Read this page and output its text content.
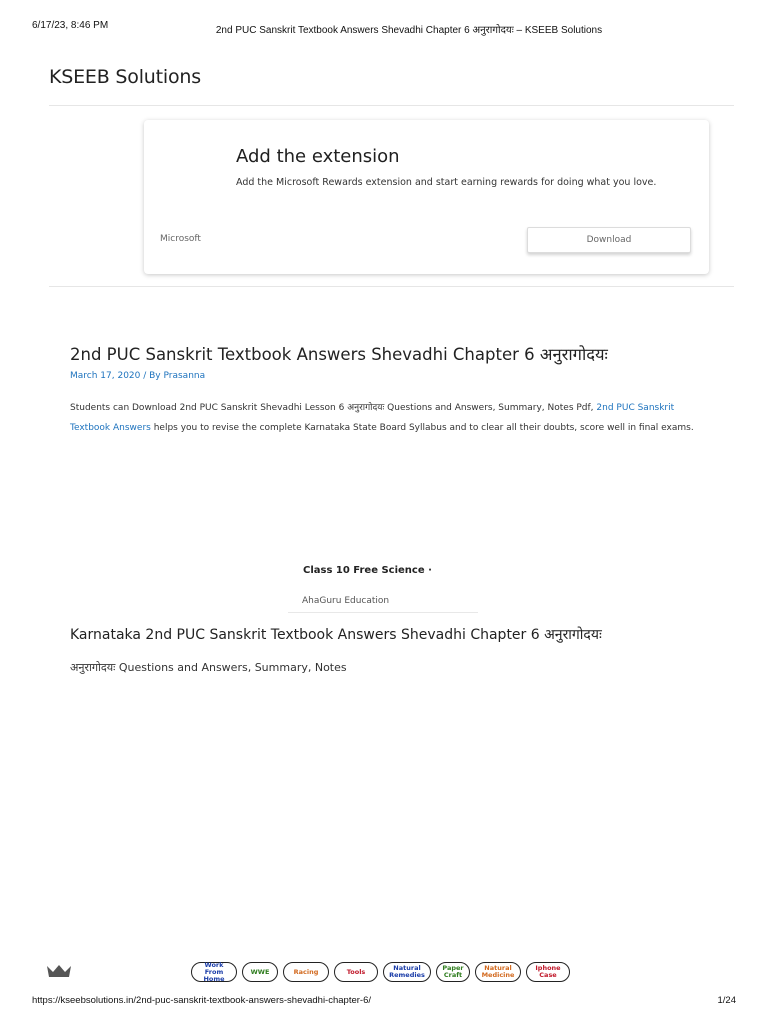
6/17/23, 8:46 PM	2nd PUC Sanskrit Textbook Answers Shevadhi Chapter 6 अनुरागोदयः – KSEEB Solutions
KSEEB Solutions
Add the extension
Add the Microsoft Rewards extension and start earning rewards for doing what you love.
Microsoft	Download
2nd PUC Sanskrit Textbook Answers Shevadhi Chapter 6 अनुरागोदयः
March 17, 2020 / By Prasanna

Students can Download 2nd PUC Sanskrit Shevadhi Lesson 6 अनुरागोदयः Questions and Answers, Summary, Notes Pdf, 2nd PUC Sanskrit Textbook Answers helps you to revise the complete Karnataka State Board Syllabus and to clear all their doubts, score well in final exams.

Class 10 Free Science ·
AhaGuru Education
Karnataka 2nd PUC Sanskrit Textbook Answers Shevadhi Chapter 6 अनुरागोदयः
अनुरागोदयः Questions and Answers, Summary, Notes
Work From Home
WWE	Racing	Tools	Natural Remedies
Paper Craft
Natural Medicine
Iphone Case
https://kseebsolutions.in/2nd-puc-sanskrit-textbook-answers-shevadhi-chapter-6/	1/24
